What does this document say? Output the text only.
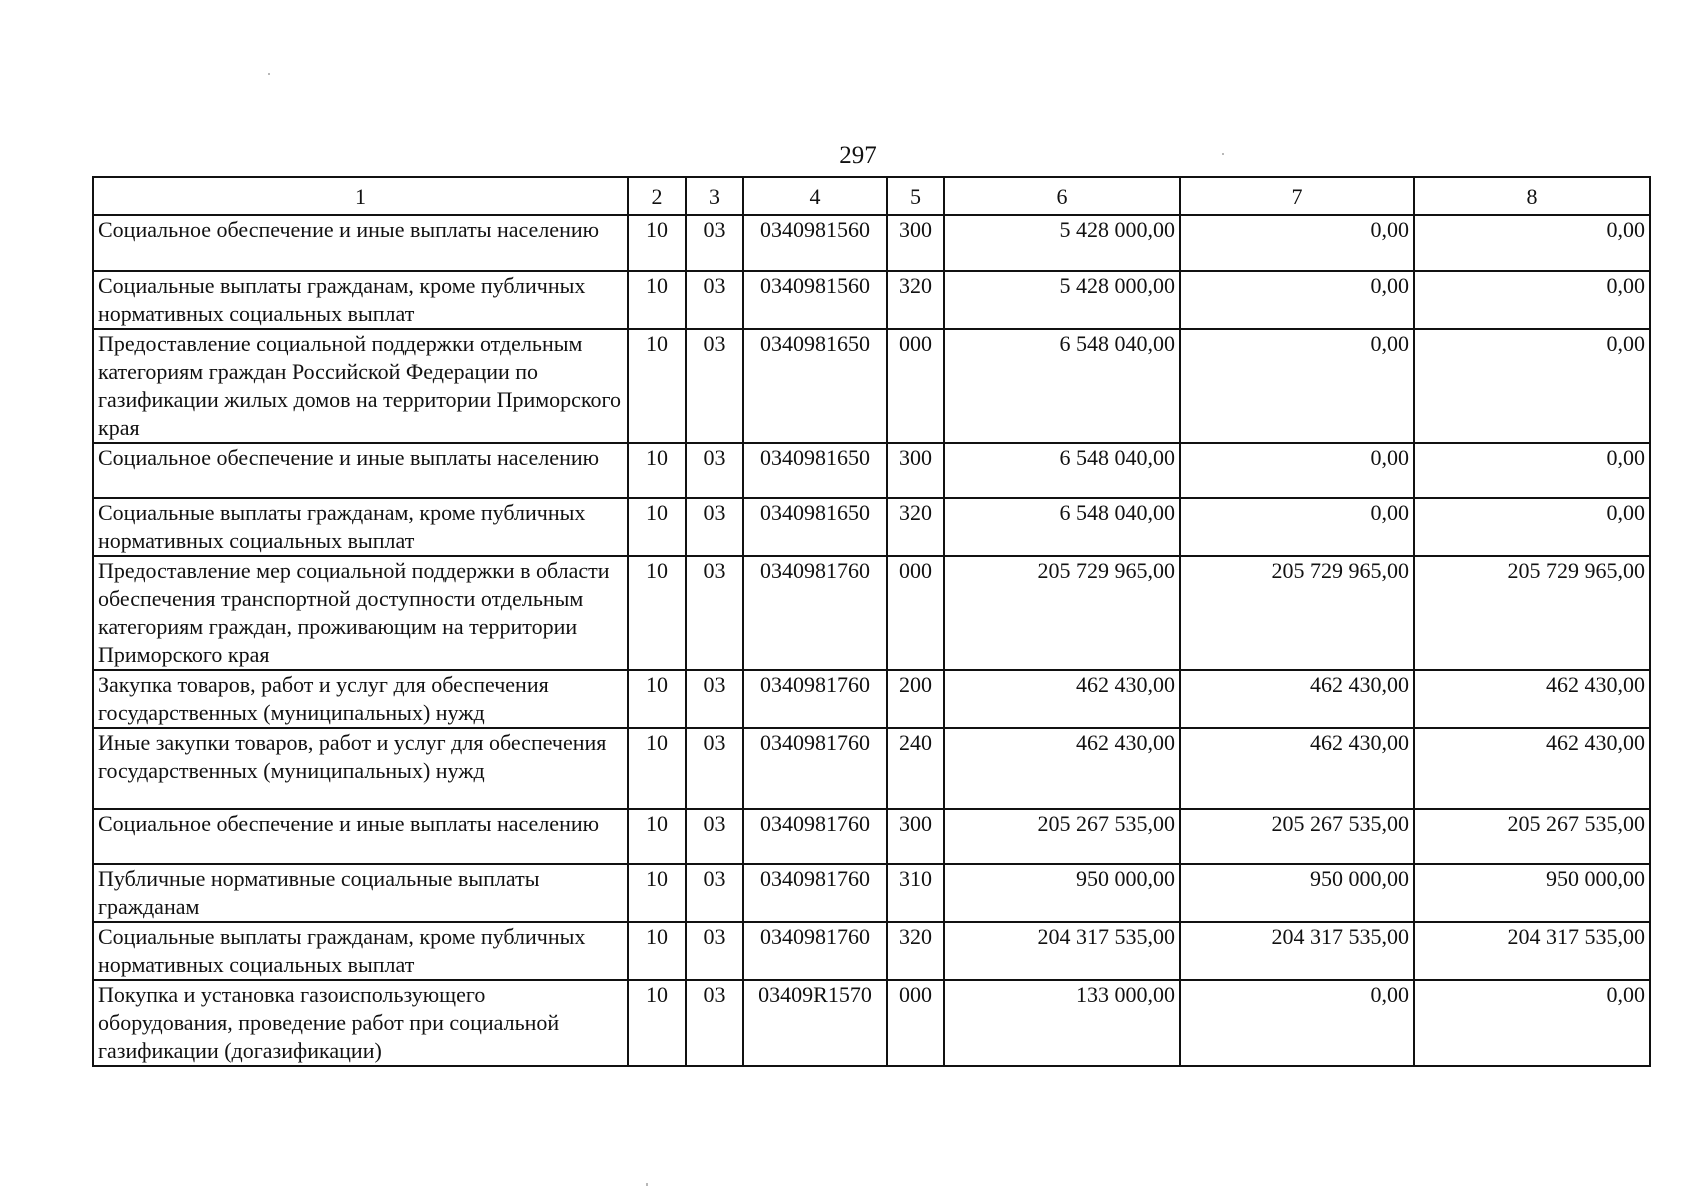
297
1	2	3	4	5	6	7	8
Социальное обеспечение и иные выплаты населению	10	03	0340981560	300	5 428 000,00	0,00	0,00
Социальные выплаты гражданам, кроме публичных нормативных социальных выплат	10	03	0340981560	320	5 428 000,00	0,00	0,00
Предоставление социальной поддержки отдельным категориям граждан Российской Федерации по газификации жилых домов на территории Приморского края	10	03	0340981650	000	6 548 040,00	0,00	0,00
Социальное обеспечение и иные выплаты населению	10	03	0340981650	300	6 548 040,00	0,00	0,00
Социальные выплаты гражданам, кроме публичных нормативных социальных выплат	10	03	0340981650	320	6 548 040,00	0,00	0,00
Предоставление мер социальной поддержки в области обеспечения транспортной доступности отдельным категориям граждан, проживающим на территории Приморского края	10	03	0340981760	000	205 729 965,00	205 729 965,00	205 729 965,00
Закупка товаров, работ и услуг для обеспечения государственных (муниципальных) нужд	10	03	0340981760	200	462 430,00	462 430,00	462 430,00
Иные закупки товаров, работ и услуг для обеспечения государственных (муниципальных) нужд	10	03	0340981760	240	462 430,00	462 430,00	462 430,00
Социальное обеспечение и иные выплаты населению	10	03	0340981760	300	205 267 535,00	205 267 535,00	205 267 535,00
Публичные нормативные социальные выплаты гражданам	10	03	0340981760	310	950 000,00	950 000,00	950 000,00
Социальные выплаты гражданам, кроме публичных нормативных социальных выплат	10	03	0340981760	320	204 317 535,00	204 317 535,00	204 317 535,00
Покупка и установка газоиспользующего оборудования, проведение работ при социальной газификации (догазификации)	10	03	03409R1570	000	133 000,00	0,00	0,00
